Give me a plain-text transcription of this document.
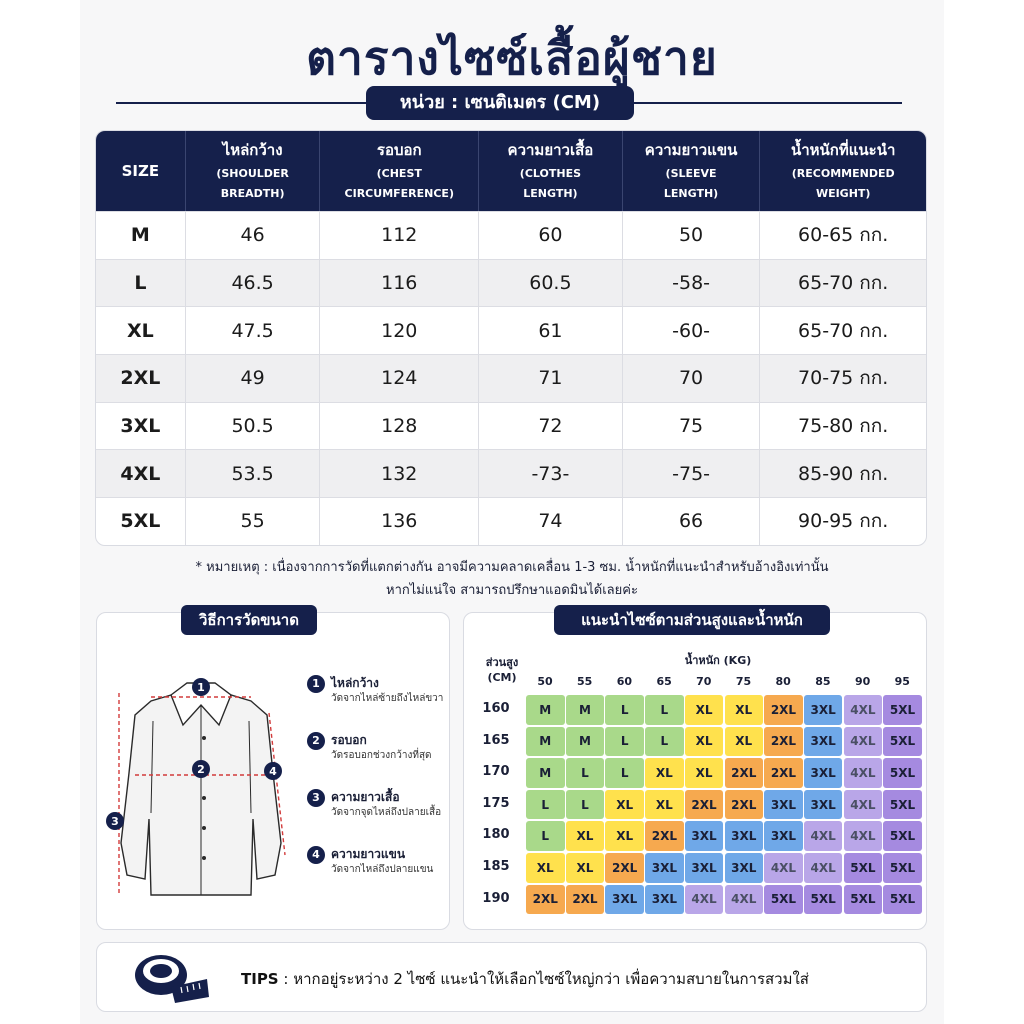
ตารางไซซ์เสื้อผู้ชาย
หน่วย : เซนติเมตร (CM)
SIZE
ไหล่กว้าง
(SHOULDER
BREADTH)
รอบอก
(CHEST
CIRCUMFERENCE)
ความยาวเสื้อ
(CLOTHES
LENGTH)
ความยาวแขน
(SLEEVE
LENGTH)
น้ำหนักที่แนะนำ
(RECOMMENDED
WEIGHT)
M	46	112	60	50	60-65 กก.
L	46.5	116	60.5	-58-	65-70 กก.
XL	47.5	120	61	-60-	65-70 กก.
2XL	49	124	71	70	70-75 กก.
3XL	50.5	128	72	75	75-80 กก.
4XL	53.5	132	-73-	-75-	85-90 กก.
5XL	55	136	74	66	90-95 กก.
* หมายเหตุ : เนื่องจากการวัดที่แตกต่างกัน อาจมีความคลาดเคลื่อน 1-3 ซม. น้ำหนักที่แนะนำสำหรับอ้างอิงเท่านั้น
หากไม่แน่ใจ สามารถปรึกษาแอดมินได้เลยค่ะ
วิธีการวัดขนาด
1
2
3
4
1 ไหล่กว้าง
วัดจากไหล่ซ้ายถึงไหล่ขวา
2 รอบอก
วัดรอบอกช่วงกว้างที่สุด
3 ความยาวเสื้อ
วัดจากจุดไหล่ถึงปลายเสื้อ
4 ความยาวแขน
วัดจากไหล่ถึงปลายแขน
แนะนำไซซ์ตามส่วนสูงและน้ำหนัก
ส่วนสูง
(CM)
น้ำหนัก (KG)
50	55	60	65	70	75	80	85	90	95
160	M	M	L	L	XL	XL	2XL	3XL	4XL	5XL
165	M	M	L	L	XL	XL	2XL	3XL	4XL	5XL
170	M	L	L	XL	XL	2XL	2XL	3XL	4XL	5XL
175	L	L	XL	XL	2XL	2XL	3XL	3XL	4XL	5XL
180	L	XL	XL	2XL	3XL	3XL	3XL	4XL	4XL	5XL
185	XL	XL	2XL	3XL	3XL	3XL	4XL	4XL	5XL	5XL
190	2XL	2XL	3XL	3XL	4XL	4XL	5XL	5XL	5XL	5XL
TIPS : หากอยู่ระหว่าง 2 ไซซ์ แนะนำให้เลือกไซซ์ใหญ่กว่า เพื่อความสบายในการสวมใส่
